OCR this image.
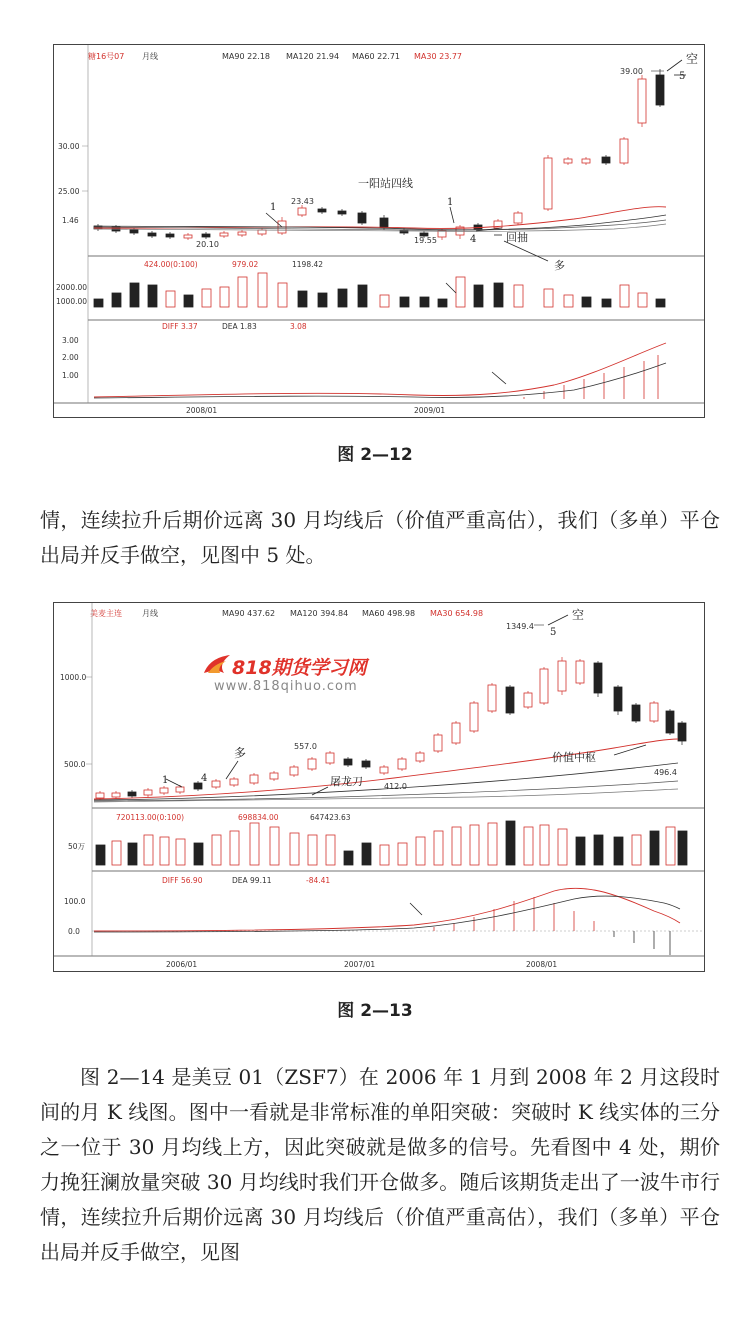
糖16号07 月线	MA90 22.18 MA120 21.94 MA60 22.71 MA30 23.77
30.00
25.00
1.46
424.00(0:100)	979.02	1198.42
2000.00
1000.00
DIFF 3.37	DEA 1.83	3.08
3.00
2.00
1.00
2008/01	2009/01
23.43
20.10	19.55
39.00
1
一阳站四线
1
4	回抽
多
5
空
图 2—12

情，连续拉升后期价远离 30 月均线后（价值严重高估），我们（多单）平仓出局并反手做空，见图中 5 处。

美麦主连	月线	MA90 437.62 MA120 394.84 MA60 498.98 MA30 654.98
1000.0
500.0
720113.00(0:100)	698834.00	647423.63
50万
DIFF 56.90	DEA 99.11	-84.41
100.0
0.0
2006/01	2007/01	2008/01
1349.4
557.0
412.0
496.4
1	4
多
屠龙刀
5
空
价值中枢
818期货学习网
www.818qihuo.com
图 2—13

图 2—14 是美豆 01（ZSF7）在 2006 年 1 月到 2008 年 2 月这段时间的月 K 线图。图中一看就是非常标准的单阳突破：突破时 K 线实体的三分之一位于 30 月均线上方，因此突破就是做多的信号。先看图中 4 处，期价力挽狂澜放量突破 30 月均线时我们开仓做多。随后该期货走出了一波牛市行情，连续拉升后期价远离 30 月均线后（价值严重高估），我们（多单）平仓出局并反手做空，见图
